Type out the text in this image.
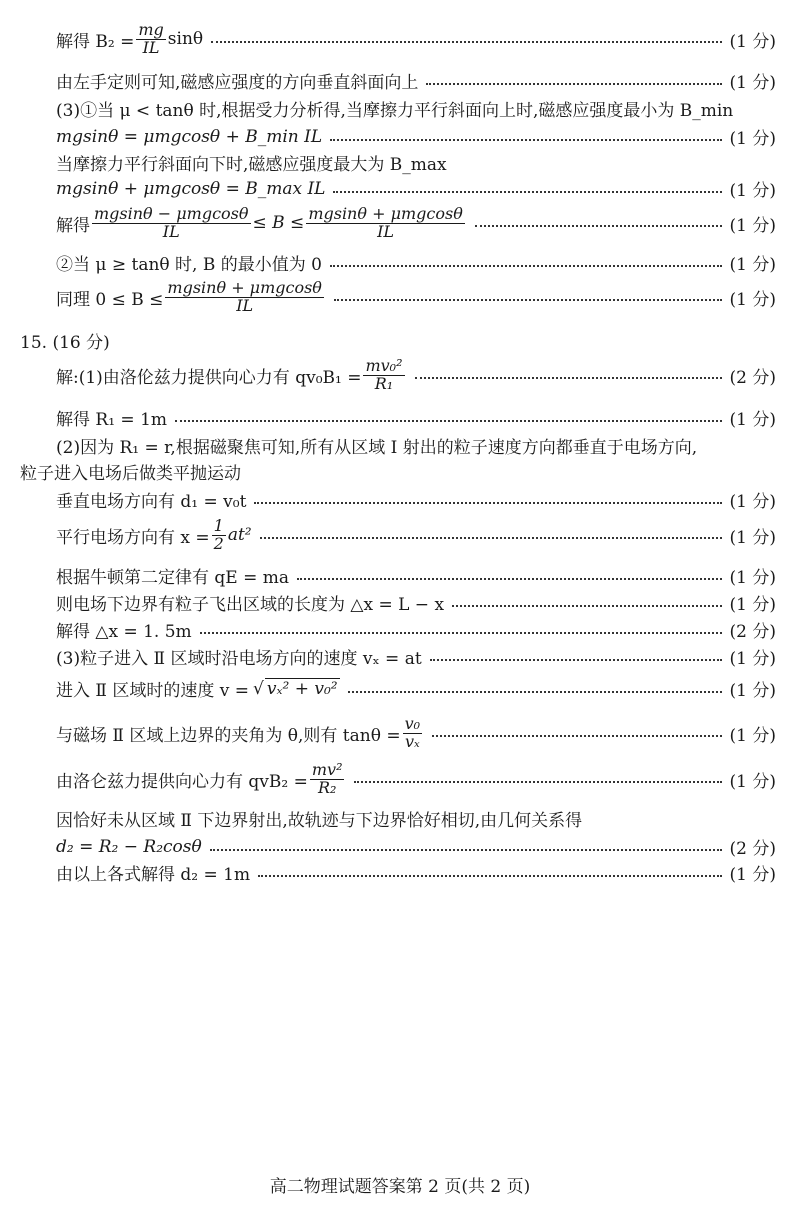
解得 $B_2 = \frac{mg}{IL}$ sinθ	(1 分)
由左手定则可知,磁感应强度的方向垂直斜面向上	(1 分)
(3)①当 μ < tanθ 时,根据受力分析得,当摩擦力平行斜面向上时,磁感应强度最小为 B_min
mgsinθ = μmgcosθ + B_min IL	(1 分)
当摩擦力平行斜面向下时,磁感应强度最大为 B_max
mgsinθ + μmgcosθ = B_max IL	(1 分)
解得 $\frac{\text{mgsinθ − μmgcosθ}}{IL} \le B \le \frac{\text{mgsinθ + μmgcosθ}}{IL}$	(1 分)
②当 μ ≥ tanθ 时, B 的最小值为 0	(1 分)
同理 $0 \le B \le \frac{\text{mgsinθ + μmgcosθ}}{IL}$	(1 分)
15. (16 分)
解:(1)由洛伦兹力提供向心力有 $qv_0B_1 = \frac{\text{mv₀²}}{\text{R₁}}$	(2 分)
解得 R₁ = 1m	(1 分)
(2)因为 R₁ = r,根据磁聚焦可知,所有从区域 I 射出的粒子速度方向都垂直于电场方向,
粒子进入电场后做类平抛运动
垂直电场方向有 d₁ = v₀t	(1 分)
平行电场方向有 $x = \frac{1}{2} at^2$	(1 分)
根据牛顿第二定律有 qE = ma	(1 分)
则电场下边界有粒子飞出区域的长度为 △x = L − x	(1 分)
解得 △x = 1. 5m	(2 分)
(3)粒子进入 Ⅱ 区域时沿电场方向的速度 vₓ = at	(1 分)
进入 Ⅱ 区域时的速度 v = √ vₓ² + v₀²	(1 分)
与磁场 Ⅱ 区域上边界的夹角为 θ,则有 $\tan\theta = \frac{\text{v₀}}{\text{vₓ}}$	(1 分)
由洛仑兹力提供向心力有 $qvB_2 = \frac{\text{mv²}}{\text{R₂}}$	(1 分)
因恰好未从区域 Ⅱ 下边界射出,故轨迹与下边界恰好相切,由几何关系得
d₂ = R₂ − R₂cosθ	(2 分)
由以上各式解得 d₂ = 1m	(1 分)
高二物理试题答案第 2 页(共 2 页)
